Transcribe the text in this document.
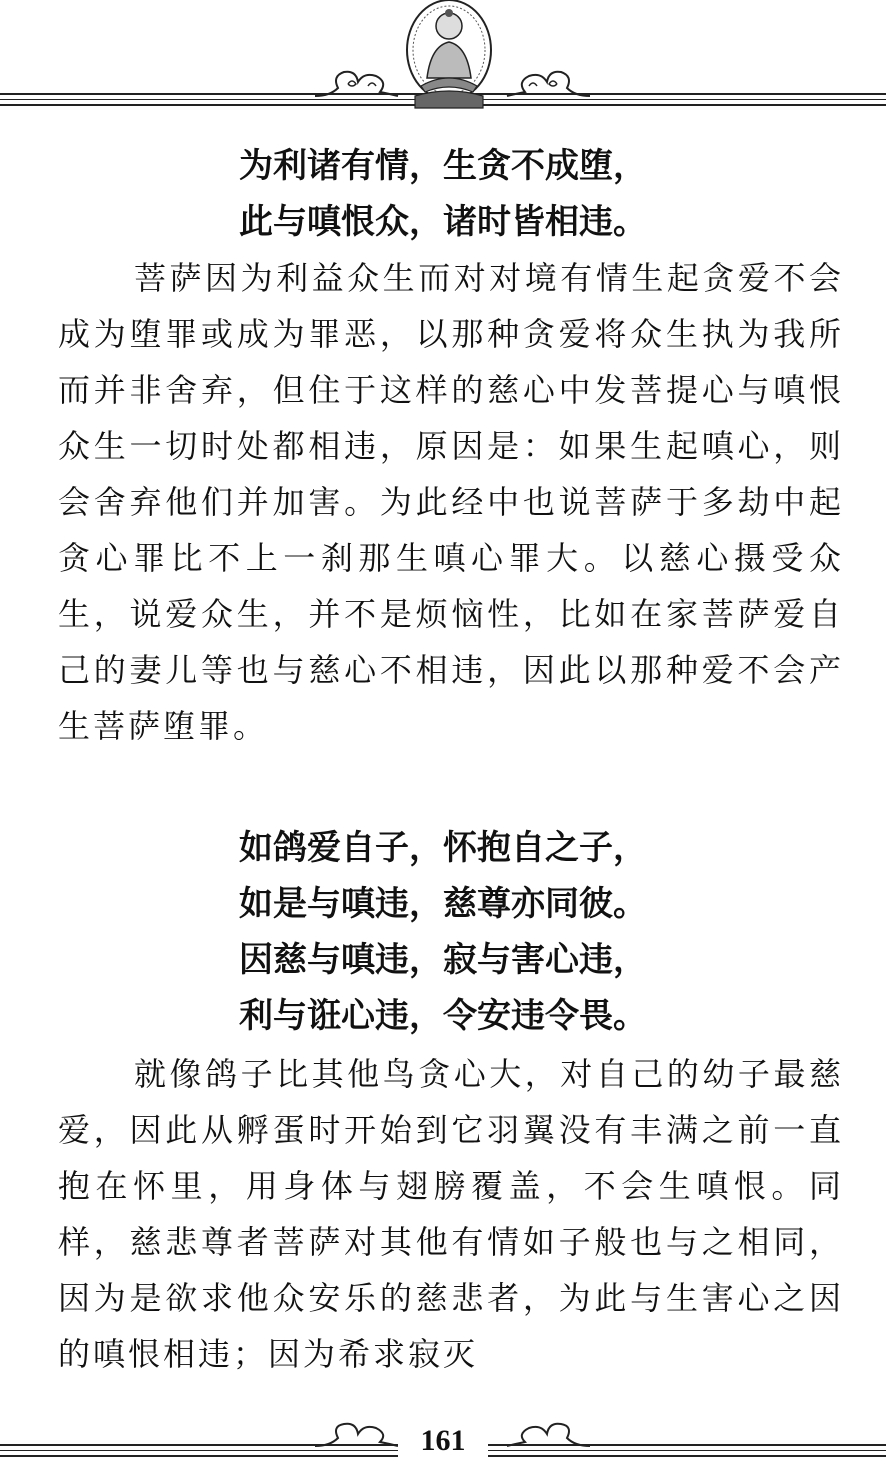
为利诸有情，生贪不成堕，
此与嗔恨众，诸时皆相违。

菩萨因为利益众生而对对境有情生起贪爱不会成为堕罪或成为罪恶，以那种贪爱将众生执为我所而并非舍弃，但住于这样的慈心中发菩提心与嗔恨众生一切时处都相违，原因是：如果生起嗔心，则会舍弃他们并加害。为此经中也说菩萨于多劫中起贪心罪比不上一刹那生嗔心罪大。以慈心摄受众生，说爱众生，并不是烦恼性，比如在家菩萨爱自己的妻儿等也与慈心不相违，因此以那种爱不会产生菩萨堕罪。

如鸽爱自子，怀抱自之子，
如是与嗔违，慈尊亦同彼。
因慈与嗔违，寂与害心违，
利与诳心违，令安违令畏。

就像鸽子比其他鸟贪心大，对自己的幼子最慈爱，因此从孵蛋时开始到它羽翼没有丰满之前一直抱在怀里，用身体与翅膀覆盖，不会生嗔恨。同样，慈悲尊者菩萨对其他有情如子般也与之相同，因为是欲求他众安乐的慈悲者，为此与生害心之因的嗔恨相违；因为希求寂灭

161
